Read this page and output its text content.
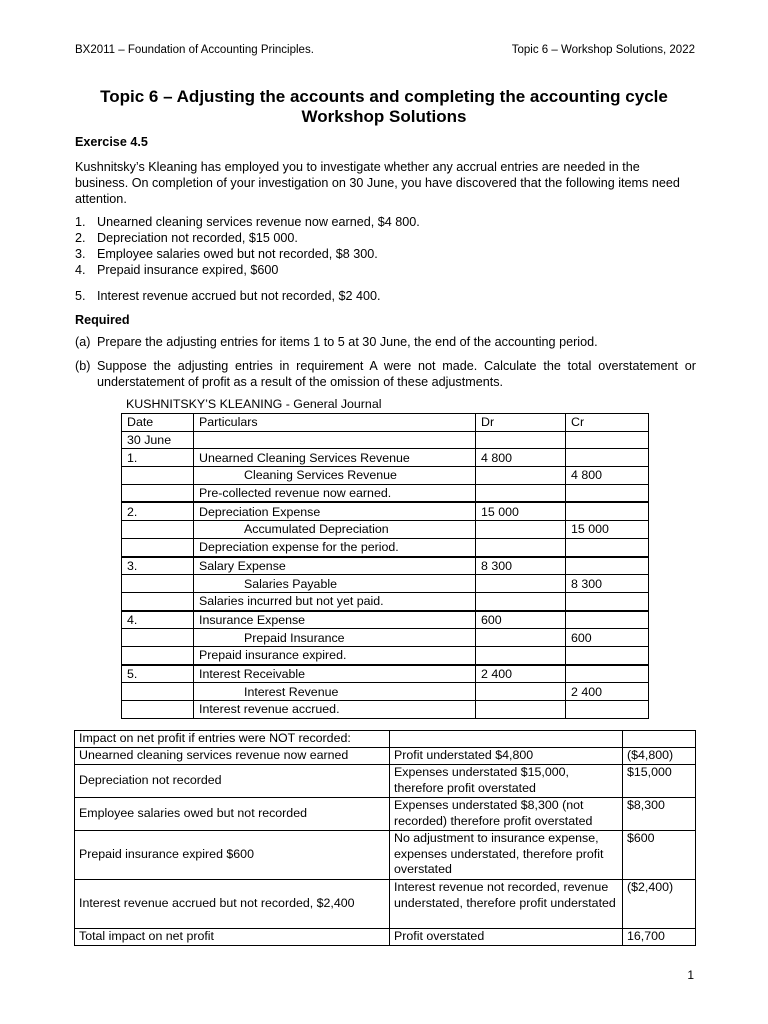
BX2011 – Foundation of Accounting Principles.	Topic 6 – Workshop Solutions, 2022
Topic 6 – Adjusting the accounts and completing the accounting cycle
Workshop Solutions
Exercise 4.5
Kushnitsky’s Kleaning has employed you to investigate whether any accrual entries are needed in the business. On completion of your investigation on 30 June, you have discovered that the following items need attention.
1. Unearned cleaning services revenue now earned, $4 800.
2. Depreciation not recorded, $15 000.
3. Employee salaries owed but not recorded, $8 300.
4. Prepaid insurance expired, $600
5. Interest revenue accrued but not recorded, $2 400.
Required
(a) Prepare the adjusting entries for items 1 to 5 at 30 June, the end of the accounting period.
(b) Suppose the adjusting entries in requirement A were not made. Calculate the total overstatement or understatement of profit as a result of the omission of these adjustments.
KUSHNITSKY’S KLEANING - General Journal
Date	Particulars	Dr	Cr
30 June			
1.	Unearned Cleaning Services Revenue	4 800	
	Cleaning Services Revenue		4 800
	Pre-collected revenue now earned.		
2.	Depreciation Expense	15 000	
	Accumulated Depreciation		15 000
	Depreciation expense for the period.		
3.	Salary Expense	8 300	
	Salaries Payable		8 300
	Salaries incurred but not yet paid.		
4.	Insurance Expense	600	
	Prepaid Insurance		600
	Prepaid insurance expired.		
5.	Interest Receivable	2 400	
	Interest Revenue		2 400
	Interest revenue accrued.		
Impact on net profit if entries were NOT recorded:		
Unearned cleaning services revenue now earned	Profit understated $4,800	($4,800)
Depreciation not recorded	Expenses understated $15,000, therefore profit overstated	$15,000
Employee salaries owed but not recorded	Expenses understated $8,300 (not recorded) therefore profit overstated	$8,300
Prepaid insurance expired $600	No adjustment to insurance expense, expenses understated, therefore profit overstated	$600
Interest revenue accrued but not recorded, $2,400	Interest revenue not recorded, revenue understated, therefore profit understated	($2,400)
Total impact on net profit	Profit overstated	16,700
1
